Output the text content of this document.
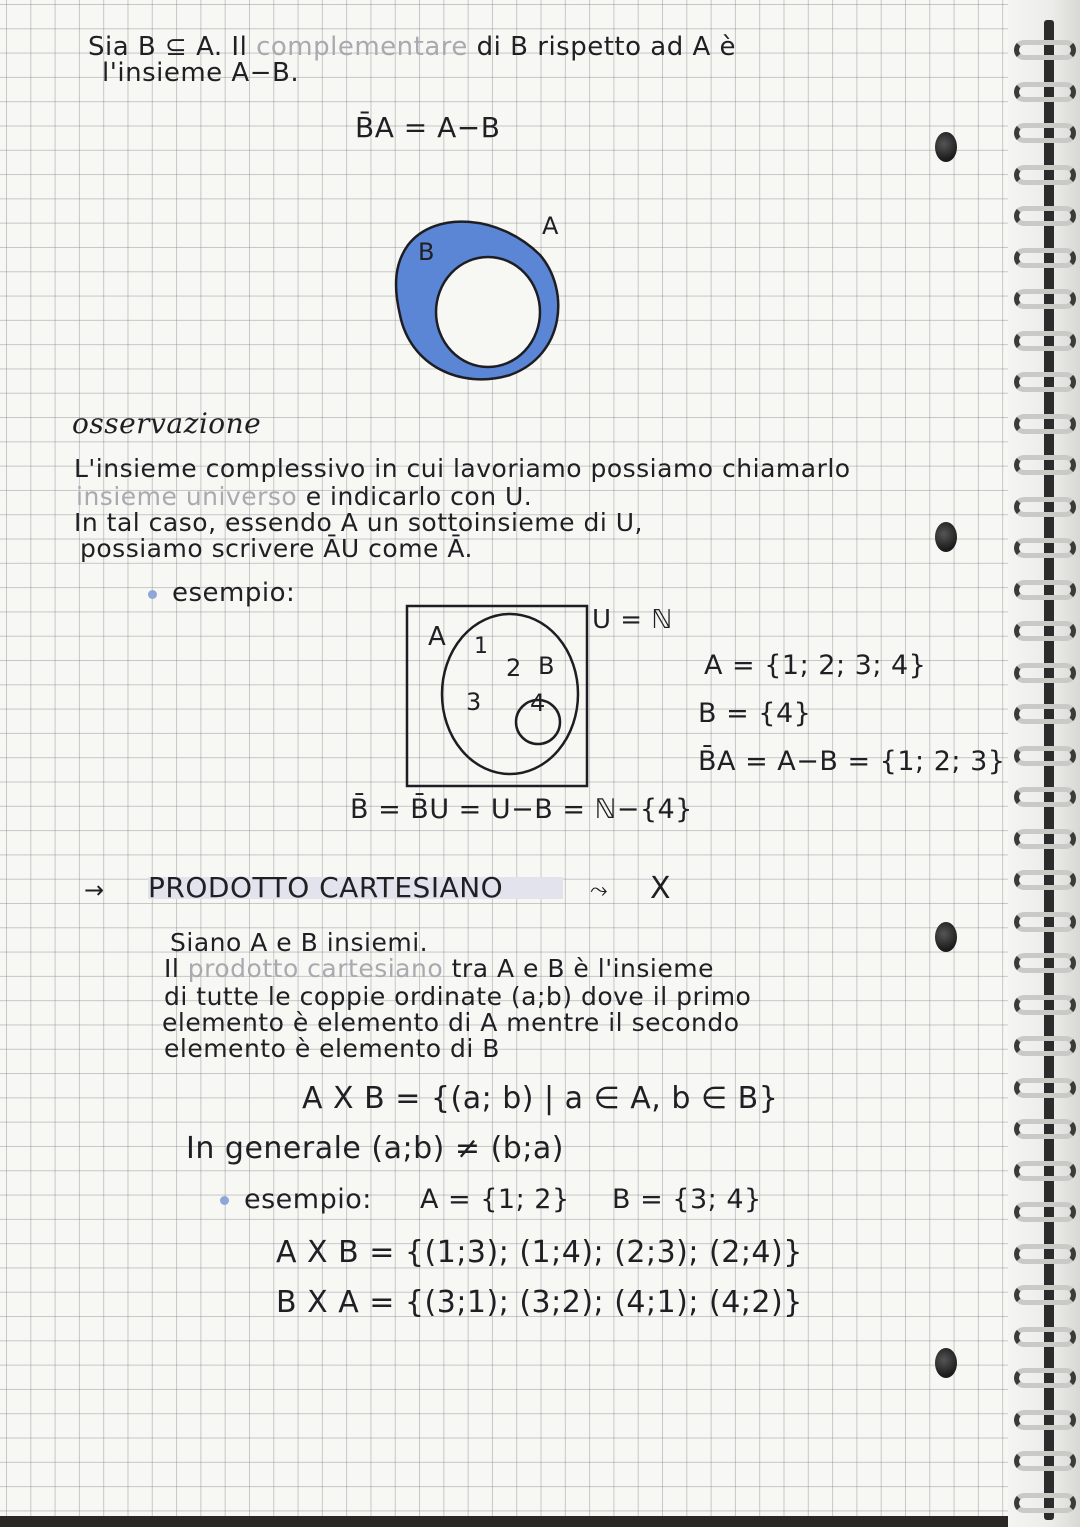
Sia B ⊆ A. Il complementare di B rispetto ad A è
l'insieme A−B.
B̄A = A−B
B
A
osservazione
L'insieme complessivo in cui lavoriamo possiamo chiamarlo
insieme universo e indicarlo con U.
In tal caso, essendo A un sottoinsieme di U,
possiamo scrivere ĀU come Ā.
esempio:
U = ℕ
A
B
1
2
3 4
A = {1; 2; 3; 4}
B = {4}
B̄A = A−B = {1; 2; 3}
B̄ = B̄U = U−B = ℕ−{4}
→ PRODOTTO CARTESIANO	⤳ X
Siano A e B insiemi.
Il prodotto cartesiano tra A e B è l'insieme
di tutte le coppie ordinate (a;b) dove il primo
elemento è elemento di A mentre il secondo
elemento è elemento di B
A X B = {(a; b) | a ∈ A, b ∈ B}
In generale (a;b) ≠ (b;a)
esempio: A = {1; 2} B = {3; 4}
A X B = {(1;3); (1;4); (2;3); (2;4)}
B X A = {(3;1); (3;2); (4;1); (4;2)}
